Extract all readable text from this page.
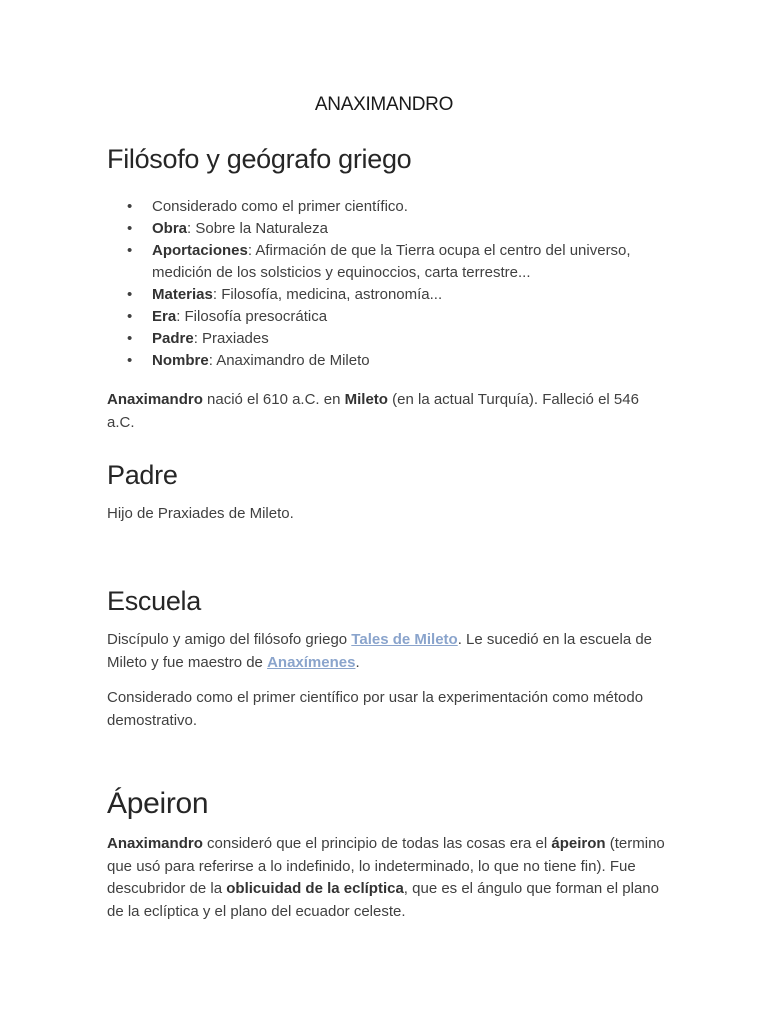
ANAXIMANDRO
Filósofo y geógrafo griego
• Considerado como el primer científico.
• Obra: Sobre la Naturaleza
• Aportaciones: Afirmación de que la Tierra ocupa el centro del universo, medición de los solsticios y equinoccios, carta terrestre...
• Materias: Filosofía, medicina, astronomía...
• Era: Filosofía presocrática
• Padre: Praxiades
• Nombre: Anaximandro de Mileto

Anaximandro nació el 610 a.C. en Mileto (en la actual Turquía). Falleció el 546 a.C.

Padre

Hijo de Praxiades de Mileto.

Escuela

Discípulo y amigo del filósofo griego Tales de Mileto. Le sucedió en la escuela de Mileto y fue maestro de Anaxímenes.

Considerado como el primer científico por usar la experimentación como método demostrativo.

Ápeiron

Anaximandro consideró que el principio de todas las cosas era el ápeiron (termino que usó para referirse a lo indefinido, lo indeterminado, lo que no tiene fin). Fue descubridor de la oblicuidad de la eclíptica, que es el ángulo que forman el plano de la eclíptica y el plano del ecuador celeste.
